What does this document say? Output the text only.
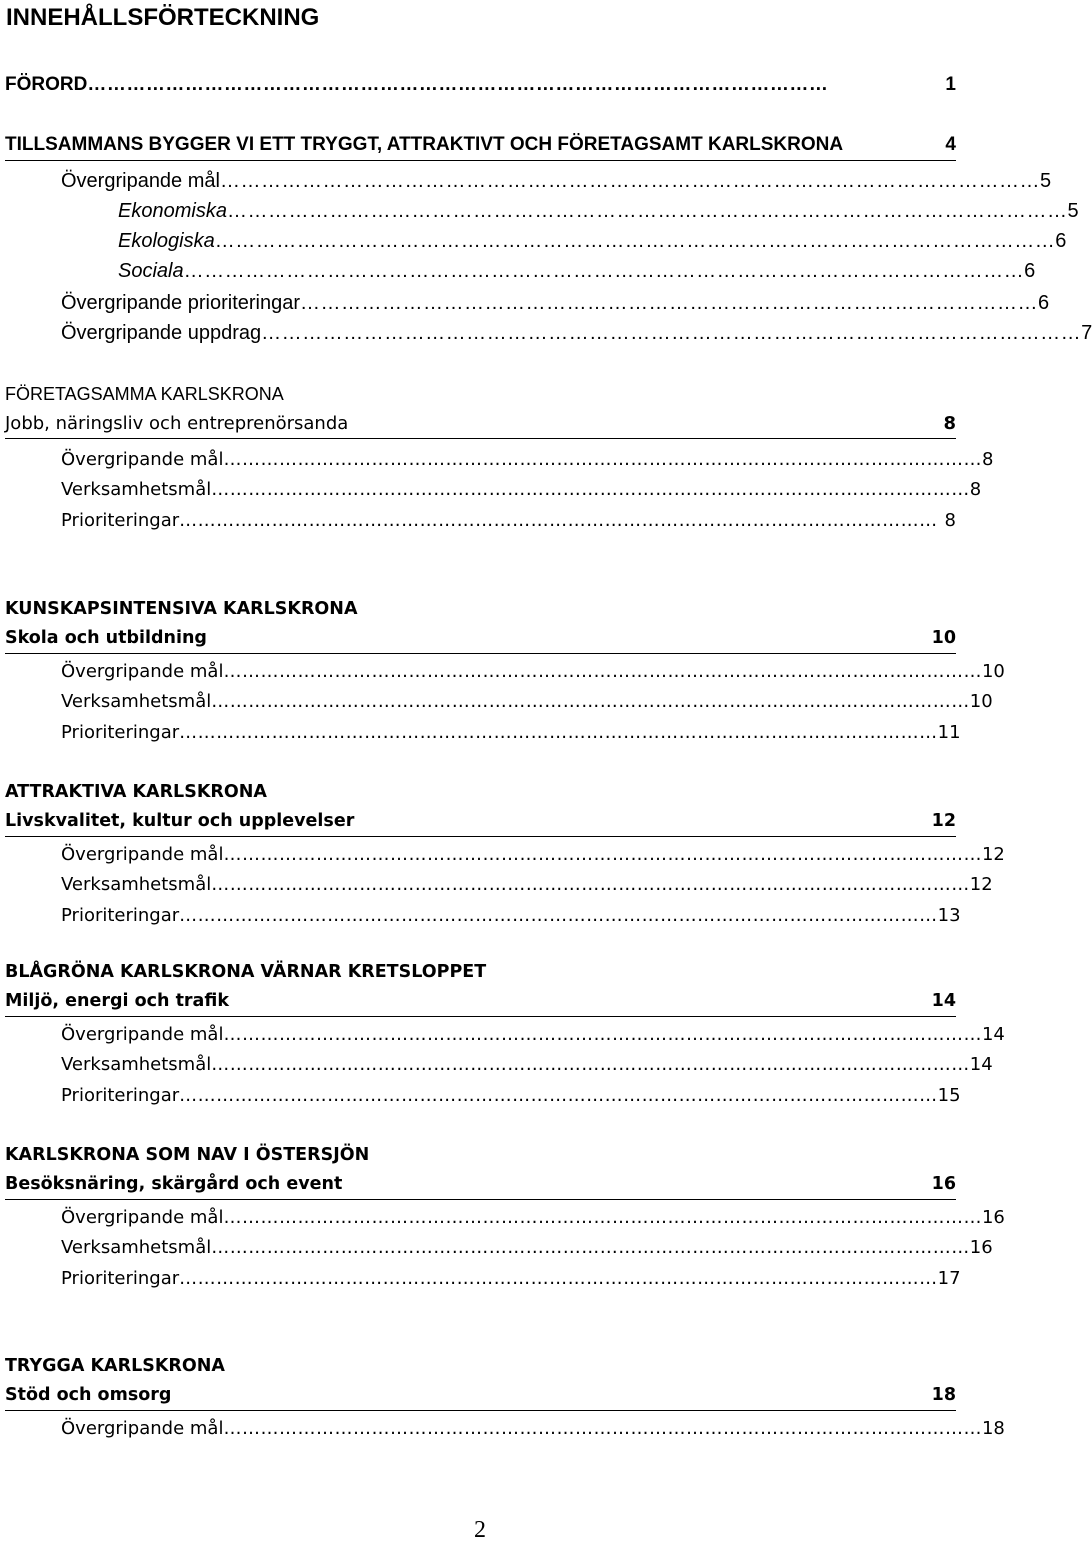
INNEHÅLLSFÖRTECKNING
FÖRORD ……………………………………………………………………………………………………	1
TILLSAMMANS BYGGER VI ETT TRYGGT, ATTRAKTIVT OCH FÖRETAGSAMT KARLSKRONA	4
Övergripande mål ………………………………………………………………………………………………………… 5
Ekonomiska …………………………………………………………………………………………………………… 5
Ekologiska …………………………………………………………………………………………………………… 6
Sociala …………………………………………………………………………………………………………… 6
Övergripande prioriteringar ……………………………………………………………………………………………… 6
Övergripande uppdrag ………………………………………………………………………………………………………… 7
FÖRETAGSAMMA KARLSKRONA
Jobb, näringsliv och entreprenörsanda	8
Övergripande mål …………………………………………………………………………………………………………… 8
Verksamhetsmål …………………………………………………………………………………………………………… 8
Prioriteringar …………………………………………………………………………………………………………… 8
KUNSKAPSINTENSIVA KARLSKRONA
Skola och utbildning	10
Övergripande mål …………………………………………………………………………………………………………… 10
Verksamhetsmål …………………………………………………………………………………………………………… 10
Prioriteringar …………………………………………………………………………………………………………… 11
ATTRAKTIVA KARLSKRONA
Livskvalitet, kultur och upplevelser	12
Övergripande mål …………………………………………………………………………………………………………… 12
Verksamhetsmål …………………………………………………………………………………………………………… 12
Prioriteringar …………………………………………………………………………………………………………… 13
BLÅGRÖNA KARLSKRONA VÄRNAR KRETSLOPPET
Miljö, energi och trafik	14
Övergripande mål …………………………………………………………………………………………………………… 14
Verksamhetsmål …………………………………………………………………………………………………………… 14
Prioriteringar …………………………………………………………………………………………………………… 15
KARLSKRONA SOM NAV I ÖSTERSJÖN
Besöksnäring, skärgård och event	16
Övergripande mål …………………………………………………………………………………………………………… 16
Verksamhetsmål …………………………………………………………………………………………………………… 16
Prioriteringar …………………………………………………………………………………………………………… 17
TRYGGA KARLSKRONA
Stöd och omsorg	18
Övergripande mål …………………………………………………………………………………………………………… 18
2
